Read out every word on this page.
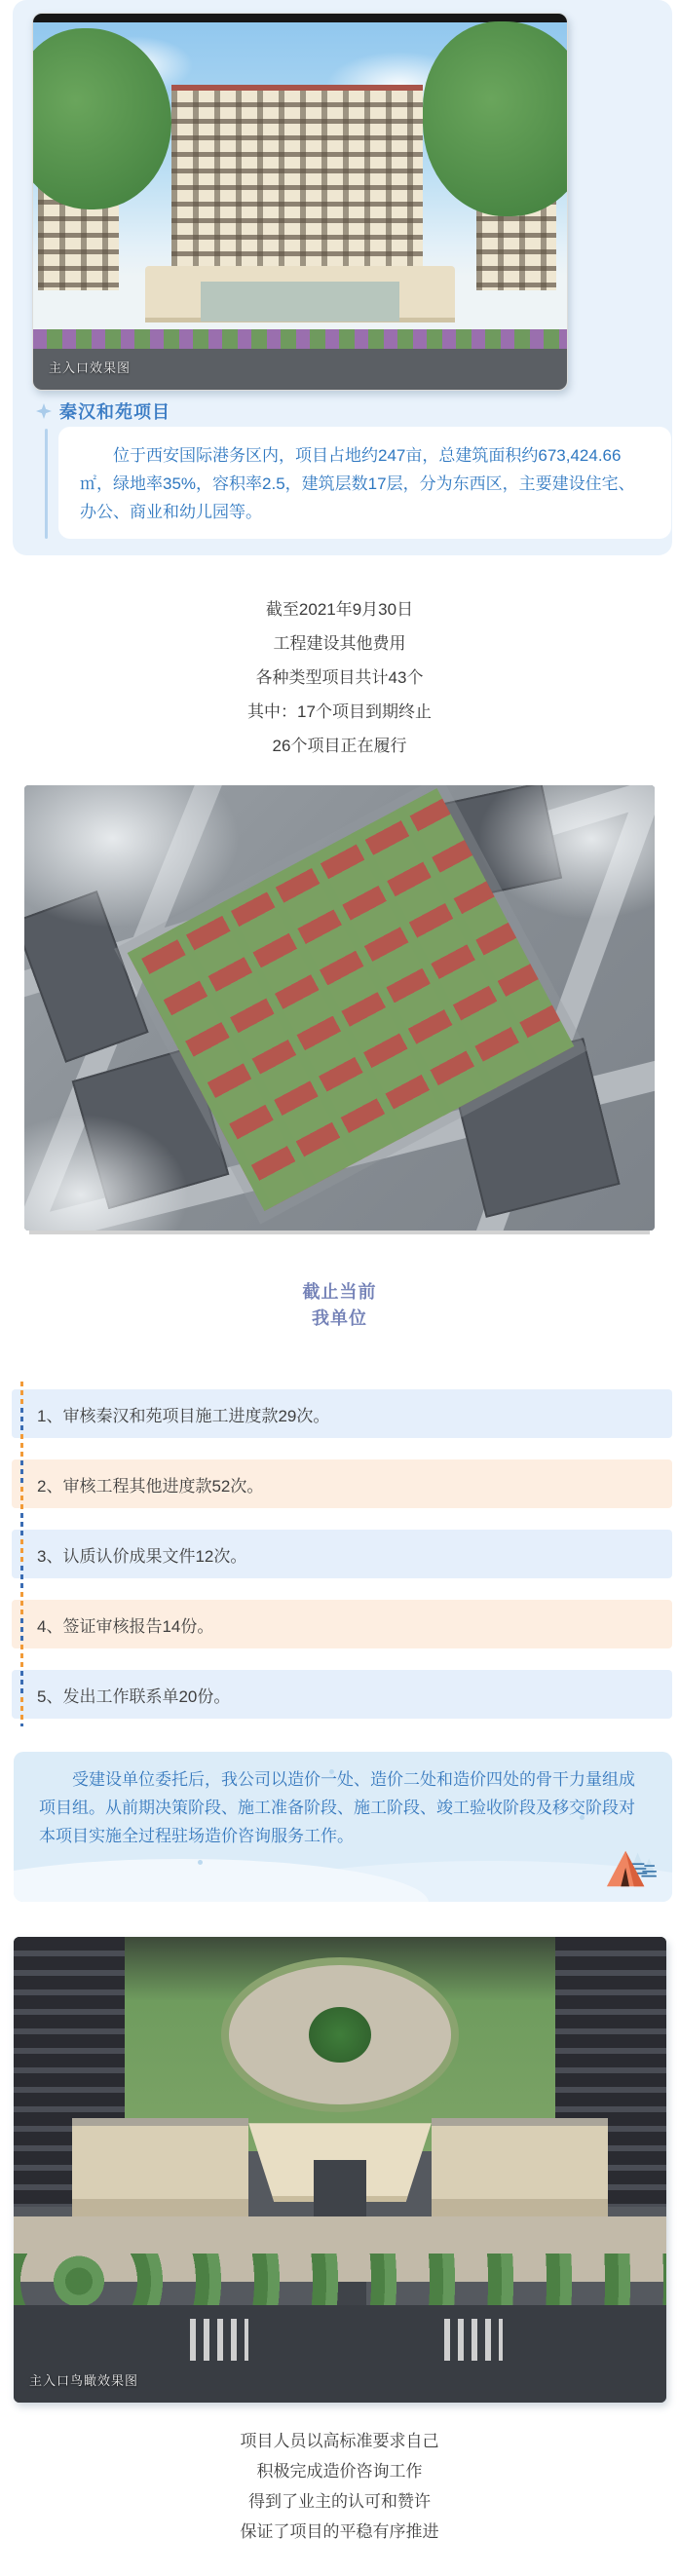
主入口效果图
秦汉和苑项目

位于西安国际港务区内，项目占地约247亩，总建筑面积约673,424.66㎡，绿地率35%，容积率2.5，建筑层数17层，分为东西区，主要建设住宅、办公、商业和幼儿园等。

截至2021年9月30日
工程建设其他费用
各种类型项目共计43个
其中：17个项目到期终止
26个项目正在履行
截止当前
我单位
1、审核秦汉和苑项目施工进度款29次。
2、审核工程其他进度款52次。
3、认质认价成果文件12次。
4、签证审核报告14份。
5、发出工作联系单20份。

受建设单位委托后，我公司以造价一处、造价二处和造价四处的骨干力量组成项目组。从前期决策阶段、施工准备阶段、施工阶段、竣工验收阶段及移交阶段对本项目实施全过程驻场造价咨询服务工作。

主入口鸟瞰效果图
项目人员以高标准要求自己
积极完成造价咨询工作
得到了业主的认可和赞许
保证了项目的平稳有序推进
